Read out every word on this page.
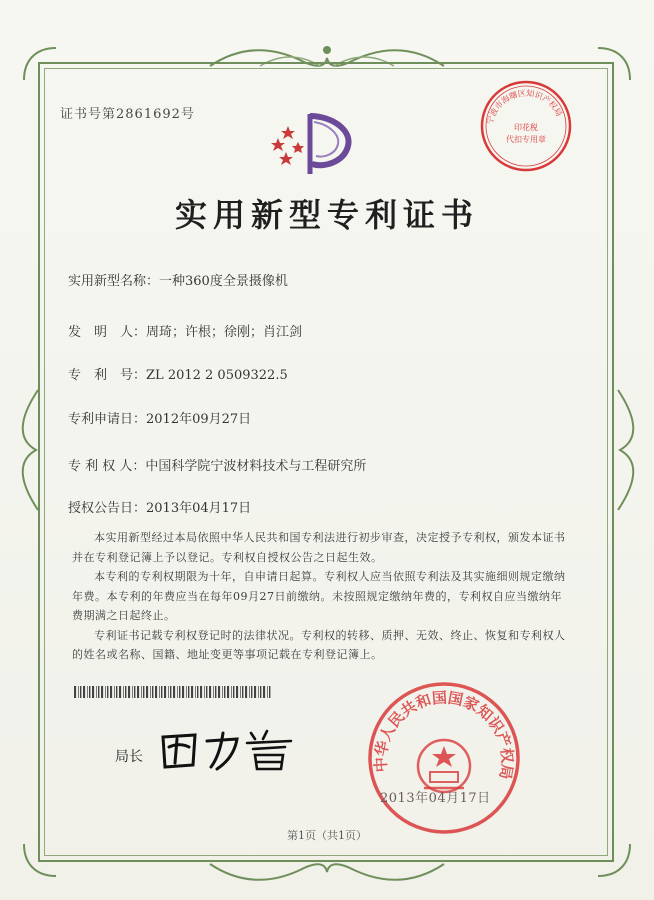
证书号第2861692号
实用新型专利证书
宁波市海曙区知识产权局
印花税
代扣专用章
实用新型名称：一种360度全景摄像机
发　明　人：周琦；许根；徐刚；肖江剑
专　利　号：ZL 2012 2 0509322.5
专利申请日：2012年09月27日
专 利 权 人：中国科学院宁波材料技术与工程研究所
授权公告日：2013年04月17日

本实用新型经过本局依照中华人民共和国专利法进行初步审查，决定授予专利权，颁发本证书并在专利登记簿上予以登记。专利权自授权公告之日起生效。

本专利的专利权期限为十年，自申请日起算。专利权人应当依照专利法及其实施细则规定缴纳年费。本专利的年费应当在每年09月27日前缴纳。未按照规定缴纳年费的，专利权自应当缴纳年费期满之日起终止。

专利证书记载专利权登记时的法律状况。专利权的转移、质押、无效、终止、恢复和专利权人的姓名或名称、国籍、地址变更等事项记载在专利登记簿上。

局长	中华人民共和国国家知识产权局
2013年04月17日
第1页（共1页）
